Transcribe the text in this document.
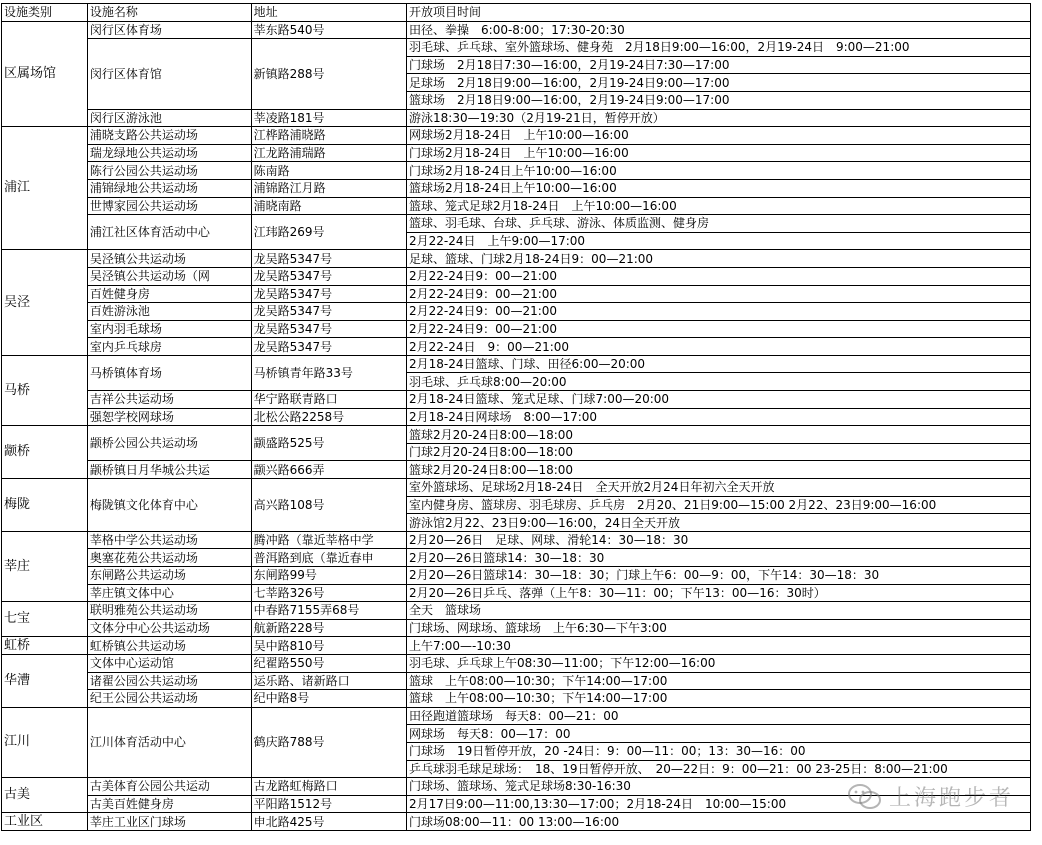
设施类别	设施名称	地址	开放项目时间
区属场馆	闵行区体育场	莘东路540号	田径、拳操　6:00-8:00；17:30-20:30
	闵行区体育馆	新镇路288号	羽毛球、乒乓球、室外篮球场、健身苑　2月18日9:00—16:00，2月19-24日　9:00—21:00
			门球场　2月18日7:30—16:00，2月19-24日7:30—17:00
			足球场　2月18日9:00—16:00，2月19-24日9:00—17:00
			篮球场　2月18日9:00—16:00，2月19-24日9:00—17:00
	闵行区游泳池	莘凌路181号	游泳18:30—19:30（2月19-21日，暂停开放）
浦江	浦晓支路公共运动场	江桦路浦晓路	网球场2月18-24日　上午10:00—16:00
	瑞龙绿地公共运动场	江龙路浦瑞路	门球场2月18-24日　上午10:00—16:00
	陈行公园公共运动场	陈南路	门球场2月18-24日上午10:00—16:00
	浦锦绿地公共运动场	浦锦路江月路	篮球场2月18-24日上午10:00—16:00
	世博家园公共运动场	浦晓南路	篮球、笼式足球2月18-24日　上午10:00—16:00
	浦江社区体育活动中心	江玮路269号	篮球、羽毛球、台球、乒乓球、游泳、体质监测、健身房
			2月22-24日　上午9:00—17:00
吴泾	吴泾镇公共运动场	龙吴路5347号	足球、篮球、门球2月18-24日9：00—21:00
	吴泾镇公共运动场（网	龙吴路5347号	2月22-24日9：00—21:00
	百姓健身房	龙吴路5347号	2月22-24日9：00—21:00
	百姓游泳池	龙吴路5347号	2月22-24日9：00—21:00
	室内羽毛球场	龙吴路5347号	2月22-24日9：00—21:00
	室内乒乓球房	龙吴路5347号	2月22-24日　9：00—21:00
马桥	马桥镇体育场	马桥镇青年路33号	2月18-24日篮球、门球、田径6:00—20:00
			羽毛球、乒乓球8:00—20:00
	吉祥公共运动场	华宁路联青路口	2月18-24日篮球、笼式足球、门球7:00—20:00
	强恕学校网球场	北松公路2258号	2月18-24日网球场　8:00—17:00
颛桥	颛桥公园公共运动场	颛盛路525号	篮球2月20-24日8:00—18:00
			门球2月20-24日8:00—18:00
	颛桥镇日月华城公共运	颛兴路666弄	篮球2月20-24日8:00—18:00
梅陇	梅陇镇文化体育中心	高兴路108号	室外篮球场、足球场2月18-24日　全天开放2月24日年初六全天开放
			室内健身房、篮球房、羽毛球房、乒乓房　2月20、21日9:00—15:00 2月22、23日9:00—16:00
			游泳馆2月22、23日9:00—16:00，24日全天开放
莘庄	莘格中学公共运动场	腾冲路（靠近莘格中学	2月20—26日　足球、网球、滑轮14：30—18：30
	奥塞花苑公共运动场	普洱路到底（靠近春申	2月20—26日篮球14：30—18：30
	东闸路公共运动场	东闸路99号	2月20—26日篮球14：30—18：30；门球上午6：00—9：00，下午14：30—18：30
	莘庄镇文体中心	七莘路326号	2月20—26日乒乓、落弹（上午8：30—11：00；下午13：00—16：30时）
七宝	联明雅苑公共运动场	中春路7155弄68号	全天　篮球场
	文体分中心公共运动场	航新路228号	门球场、网球场、篮球场　上午6:30—下午3:00
虹桥	虹桥镇公共运动场	吴中路810号	上午7:00—-10:30
华漕	文体中心运动馆	纪翟路550号	羽毛球、乒乓球上午08:30—11:00；下午12:00—16:00
	诸翟公园公共运动场	运乐路、诸新路口	篮球　上午08:00—10:30；下午14:00—17:00
	纪王公园公共运动场	纪中路8号	篮球　上午08:00—10:30；下午14:00—17:00
江川	江川体育活动中心	鹤庆路788号	田径跑道篮球场　每天8：00—21：00
			网球场　每天8：00—17：00
			门球场　19日暂停开放，20 -24日：9：00—11：00；13：30—16：00
			乒乓球羽毛球足球场：　18、19日暂停开放、　20—22日：9：00—21：00 23-25日：8:00—21:00
古美	古美体育公园公共运动	古龙路虹梅路口	门球场、篮球场、笼式足球场8:30-16:30
	古美百姓健身房	平阳路1512号	2月17日9:00—11:00,13:30—17:00；2月18-24日　10:00—15:00
工业区	莘庄工业区门球场	申北路425号	门球场08:00—11：00 13:00—16:00
上海跑步者
